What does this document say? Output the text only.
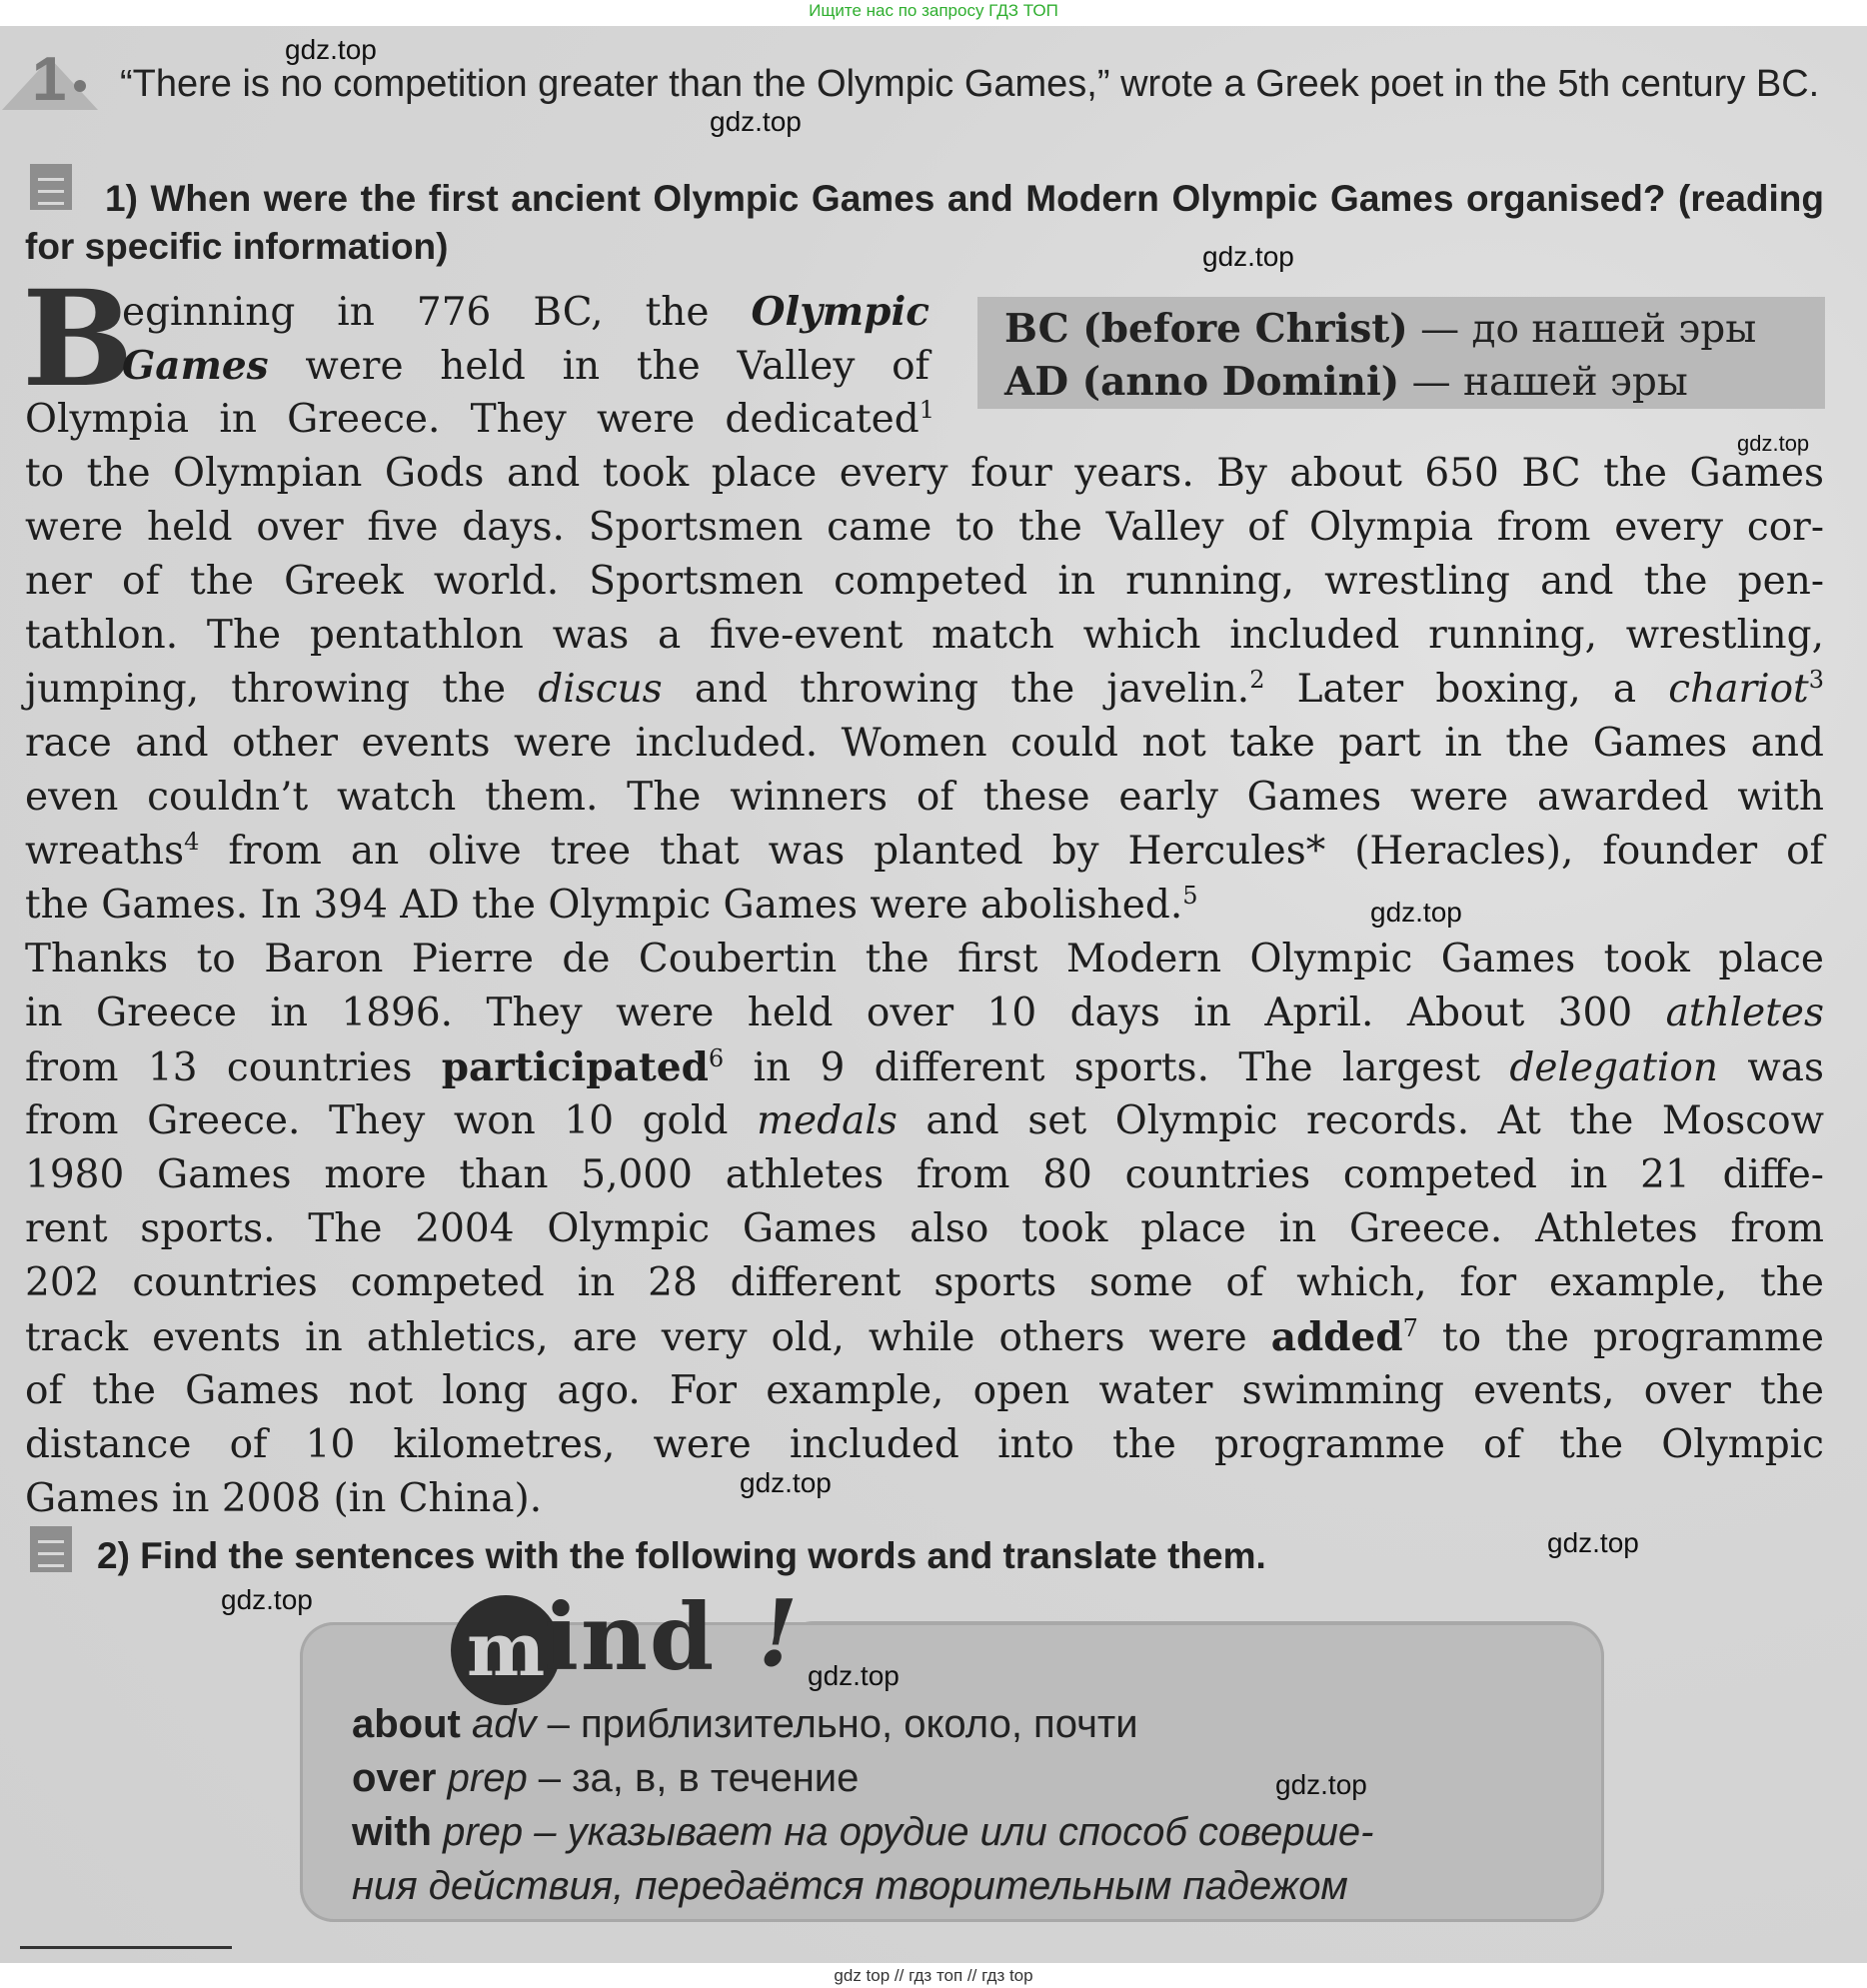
Ищите нас по запросу ГДЗ ТОП
1	“There is no competition greater than the Olympic Games,” wrote a Greek poet in the 5th century BC.
1) When were the first ancient Olympic Games and Modern Olympic Games organised? (reading for specific information)
BC (before Christ) — до нашей эры
AD (anno Domini) — нашей эры
B
eginning in 776 BC, the Olympic
Games were held in the Valley of
Olympia in Greece. They were dedicated$^1$
to the Olympian Gods and took place every four years. By about 650 BC the Games
were held over five days. Sportsmen came to the Valley of Olympia from every cor-
ner of the Greek world. Sportsmen competed in running, wrestling and the pen-
tathlon. The pentathlon was a five-event match which included running, wrestling,
jumping, throwing the discus and throwing the javelin.$^2$ Later boxing, a chariot$^3$
race and other events were included. Women could not take part in the Games and
even couldn’t watch them. The winners of these early Games were awarded with
wreaths$^4$ from an olive tree that was planted by Hercules* (Heracles), founder of
the Games. In 394 AD the Olympic Games were abolished.$^5$
Thanks to Baron Pierre de Coubertin the first Modern Olympic Games took place
in Greece in 1896. They were held over 10 days in April. About 300 athletes
from 13 countries participated$^6$ in 9 different sports. The largest delegation was
from Greece. They won 10 gold medals and set Olympic records. At the Moscow
1980 Games more than 5,000 athletes from 80 countries competed in 21 diffe-
rent sports. The 2004 Olympic Games also took place in Greece. Athletes from
202 countries competed in 28 different sports some of which, for example, the
track events in athletics, are very old, while others were added$^7$ to the programme
of the Games not long ago. For example, open water swimming events, over the
distance of 10 kilometres, were included into the programme of the Olympic
Games in 2008 (in China).
2) Find the sentences with the following words and translate them.
m
ind !
about adv – приблизительно, около, почти
over prep – за, в, в течение
with prep – указывает на орудие или способ соверше-
ния действия, передаётся творительным падежом
gdz.top
gdz.top
gdz.top
gdz.top
gdz.top
gdz.top
gdz.top
gdz.top
gdz.top
gdz.top
gdz top // гдз топ // гдз top
